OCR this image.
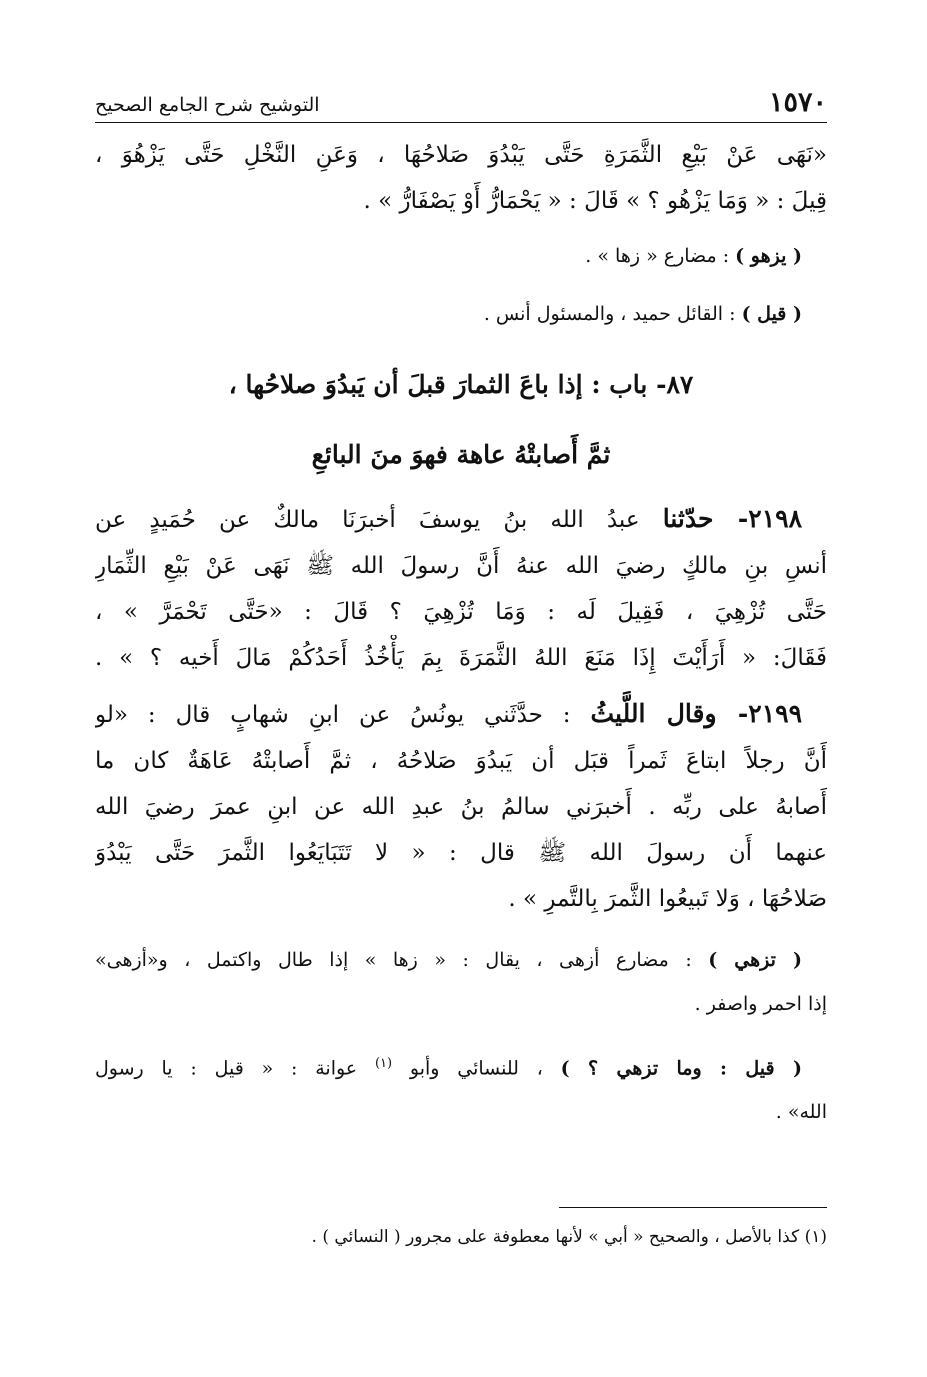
١٥٧٠
التوشيح شرح الجامع الصحيح

«نَهَى عَنْ بَيْعِ الثَّمَرَةِ حَتَّى يَبْدُوَ صَلاحُهَا ، وَعَنِ النَّخْلِ حَتَّى يَزْهُوَ ،

قِيلَ : « وَمَا يَزْهُو ؟ » قَالَ : « يَحْمَارُّ أَوْ يَصْفَارُّ » .

( يزهو ) : مضارع « زها » .

( قيل ) : القائل حميد ، والمسئول أنس .

٨٧- باب : إذا باعَ الثمارَ قبلَ أن يَبدُوَ صلاحُها ،

ثمَّ أَصابتْهُ عاهة فهوَ منَ البائعِ

٢١٩٨- حدّثنا عبدُ الله بنُ يوسفَ أخبرَنَا مالكٌ عن حُمَيدٍ عن

أنسِ بنِ مالكٍ رضيَ الله عنهُ أَنَّ رسولَ الله ﷺ نَهَى عَنْ بَيْعِ الثِّمَارِ

حَتَّى تُزْهِيَ ، فَقِيلَ لَه : وَمَا تُزْهِيَ ؟ قَالَ : «حَتَّى تَحْمَرَّ » ،

فَقَالَ: « أَرَأَيْتَ إِذَا مَنَعَ اللهُ الثَّمَرَةَ بِمَ يَأْخُذُ أَحَدُكُمْ مَالَ أَخيه ؟ » .

٢١٩٩- وقال اللَّيثُ : حدَّثَني يونُسُ عن ابنِ شهابٍ قال : «لو

أَنَّ رجلاً ابتاعَ ثَمراً قبَل أن يَبدُوَ صَلاحُهُ ، ثمَّ أَصابتْهُ عَاهَةٌ كان ما

أَصابهُ على ربِّه . أَخبرَني سالمُ بنُ عبدِ الله عن ابنِ عمرَ رضيَ الله

عنهما أَن رسولَ الله ﷺ قال : « لا تَتَبَايَعُوا الثَّمرَ حَتَّى يَبْدُوَ

صَلاحُهَا ، وَلا تَبيعُوا الثَّمرَ بِالتَّمرِ » .

( تزهي ) : مضارع أزهى ، يقال : « زها » إذا طال واكتمل ، و«أزهى»

إذا احمر واصفر .

( قيل : وما تزهي ؟ ) ، للنسائي وأبو $^{(١)}$ عوانة : « قيل : يا رسول

الله» .

(١) كذا بالأصل ، والصحيح « أبي » لأنها معطوفة على مجرور ( النسائي ) .
